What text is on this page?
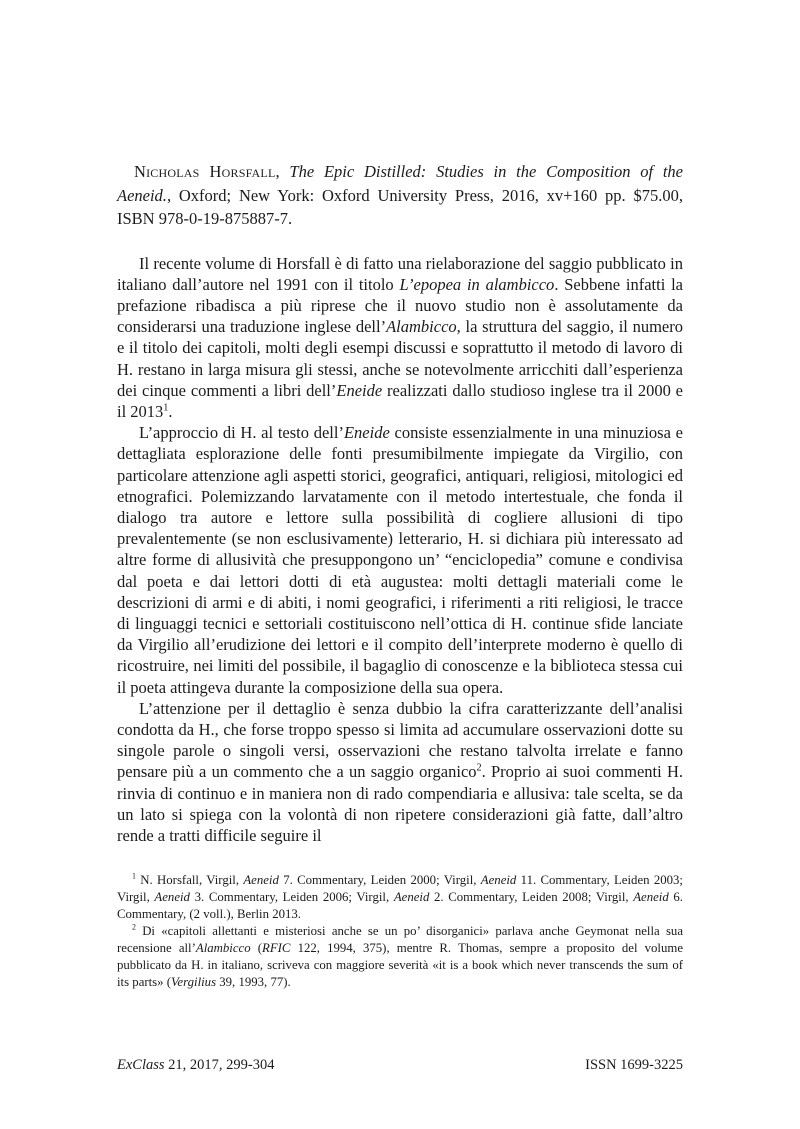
Nicholas Horsfall, The Epic Distilled: Studies in the Composition of the Aeneid., Oxford; New York: Oxford University Press, 2016, xv+160 pp. $75.00, ISBN 978-0-19-875887-7.

Il recente volume di Horsfall è di fatto una rielaborazione del saggio pubblicato in italiano dall’autore nel 1991 con il titolo L’epopea in alambicco. Sebbene infatti la prefazione ribadisca a più riprese che il nuovo studio non è assolutamente da considerarsi una traduzione inglese dell’Alambicco, la struttura del saggio, il numero e il titolo dei capitoli, molti degli esempi discussi e soprattutto il metodo di lavoro di H. restano in larga misura gli stessi, anche se notevolmente arricchiti dall’esperienza dei cinque commenti a libri dell’Eneide realizzati dallo studioso inglese tra il 2000 e il 2013$^1$.

L’approccio di H. al testo dell’Eneide consiste essenzialmente in una minuziosa e dettagliata esplorazione delle fonti presumibilmente impiegate da Virgilio, con particolare attenzione agli aspetti storici, geografici, antiquari, religiosi, mitologici ed etnografici. Polemizzando larvatamente con il metodo intertestuale, che fonda il dialogo tra autore e lettore sulla possibilità di cogliere allusioni di tipo prevalentemente (se non esclusivamente) letterario, H. si dichiara più interessato ad altre forme di allusività che presuppongono un’ “enciclopedia” comune e condivisa dal poeta e dai lettori dotti di età augustea: molti dettagli materiali come le descrizioni di armi e di abiti, i nomi geografici, i riferimenti a riti religiosi, le tracce di linguaggi tecnici e settoriali costituiscono nell’ottica di H. continue sfide lanciate da Virgilio all’erudizione dei lettori e il compito dell’interprete moderno è quello di ricostruire, nei limiti del possibile, il bagaglio di conoscenze e la biblioteca stessa cui il poeta attingeva durante la composizione della sua opera.

L’attenzione per il dettaglio è senza dubbio la cifra caratterizzante dell’analisi condotta da H., che forse troppo spesso si limita ad accumulare osservazioni dotte su singole parole o singoli versi, osservazioni che restano talvolta irrelate e fanno pensare più a un commento che a un saggio organico$^2$. Proprio ai suoi commenti H. rinvia di continuo e in maniera non di rado compendiaria e allusiva: tale scelta, se da un lato si spiega con la volontà di non ripetere considerazioni già fatte, dall’altro rende a tratti difficile seguire il

$^1$ N. Horsfall, Virgil, Aeneid 7. Commentary, Leiden 2000; Virgil, Aeneid 11. Commentary, Leiden 2003; Virgil, Aeneid 3. Commentary, Leiden 2006; Virgil, Aeneid 2. Commentary, Leiden 2008; Virgil, Aeneid 6. Commentary, (2 voll.), Berlin 2013.

$^2$ Di «capitoli allettanti e misteriosi anche se un po’ disorganici» parlava anche Geymonat nella sua recensione all’Alambicco (RFIC 122, 1994, 375), mentre R. Thomas, sempre a proposito del volume pubblicato da H. in italiano, scriveva con maggiore severità «it is a book which never transcends the sum of its parts» (Vergilius 39, 1993, 77).

ExClass 21, 2017, 299-304	ISSN 1699-3225
